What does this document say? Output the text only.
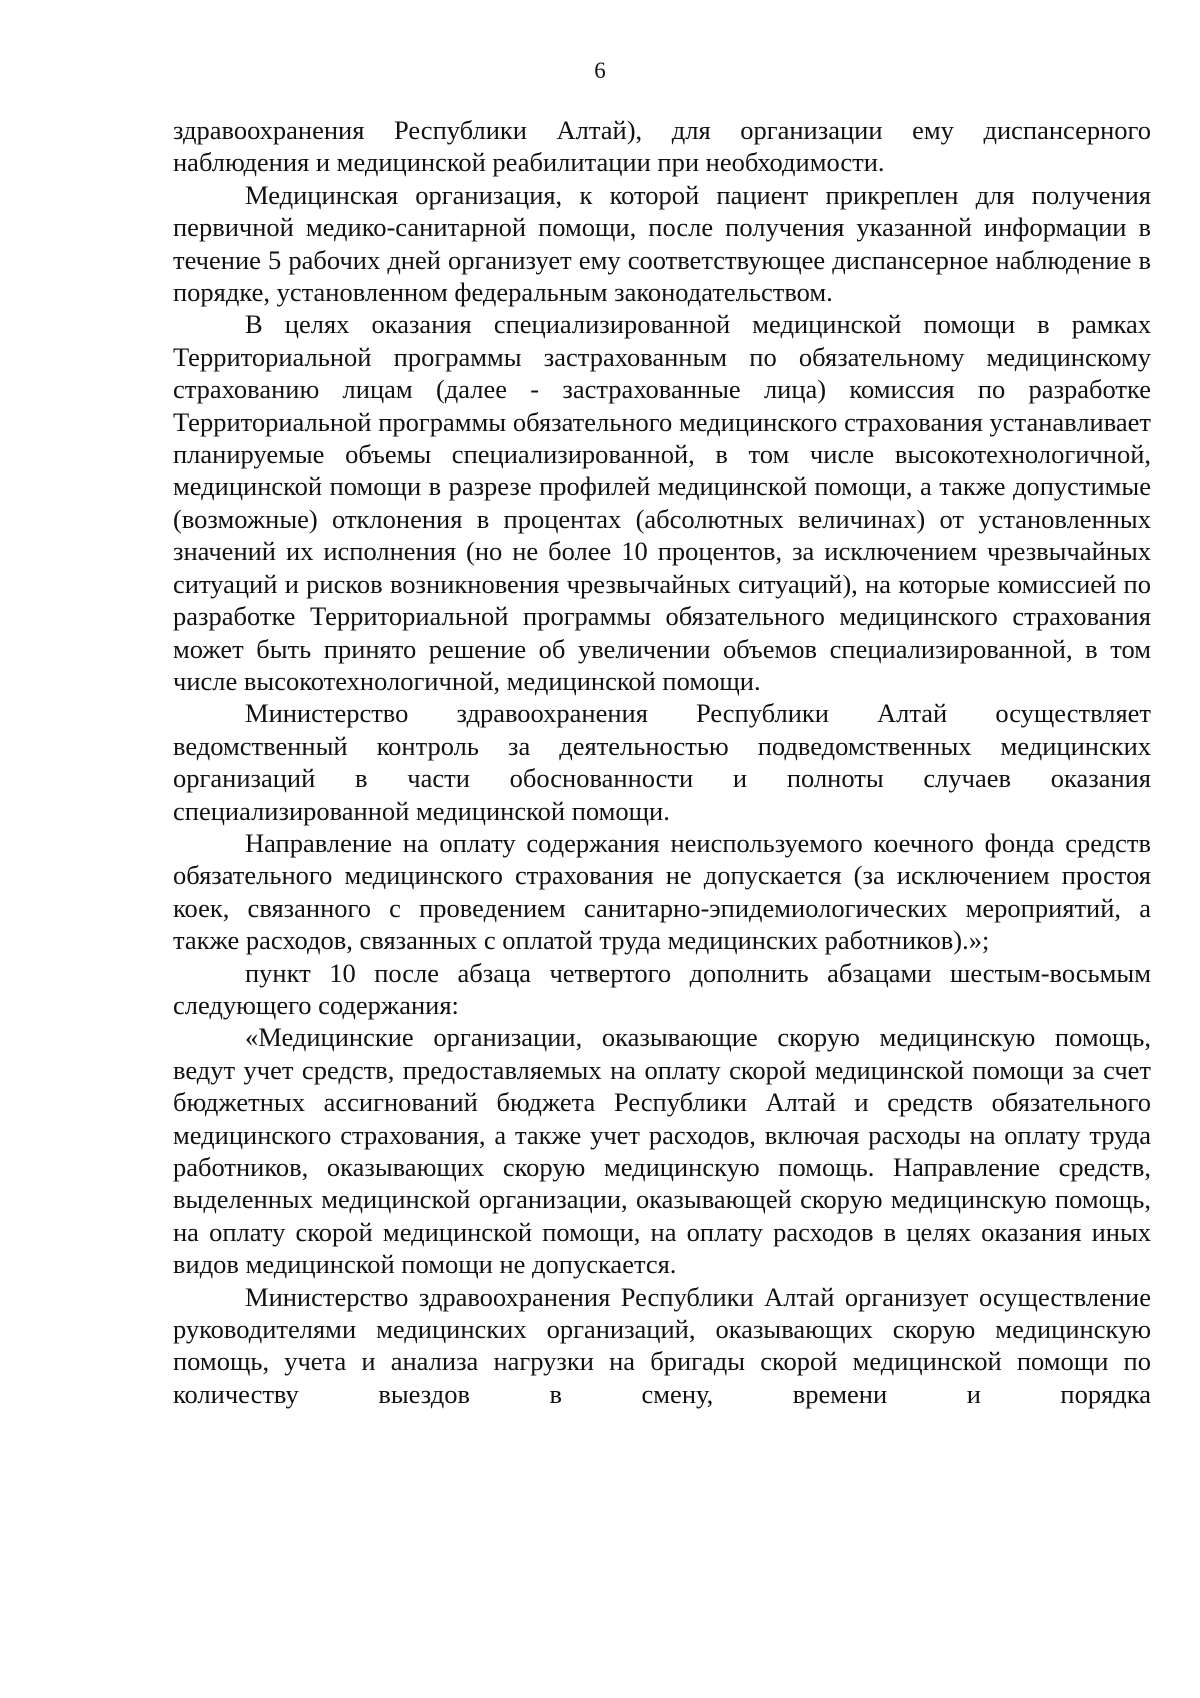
6

здравоохранения Республики Алтай), для организации ему диспансерного наблюдения и медицинской реабилитации при необходимости.

Медицинская организация, к которой пациент прикреплен для получения первичной медико-санитарной помощи, после получения указанной информации в течение 5 рабочих дней организует ему соответствующее диспансерное наблюдение в порядке, установленном федеральным законодательством.

В целях оказания специализированной медицинской помощи в рамках Территориальной программы застрахованным по обязательному медицинскому страхованию лицам (далее - застрахованные лица) комиссия по разработке Территориальной программы обязательного медицинского страхования устанавливает планируемые объемы специализированной, в том числе высокотехнологичной, медицинской помощи в разрезе профилей медицинской помощи, а также допустимые (возможные) отклонения в процентах (абсолютных величинах) от установленных значений их исполнения (но не более 10 процентов, за исключением чрезвычайных ситуаций и рисков возникновения чрезвычайных ситуаций), на которые комиссией по разработке Территориальной программы обязательного медицинского страхования может быть принято решение об увеличении объемов специализированной, в том числе высокотехнологичной, медицинской помощи.

Министерство здравоохранения Республики Алтай осуществляет ведомственный контроль за деятельностью подведомственных медицинских организаций в части обоснованности и полноты случаев оказания специализированной медицинской помощи.

Направление на оплату содержания неиспользуемого коечного фонда средств обязательного медицинского страхования не допускается (за исключением простоя коек, связанного с проведением санитарно-эпидемиологических мероприятий, а также расходов, связанных с оплатой труда медицинских работников).»;

пункт 10 после абзаца четвертого дополнить абзацами шестым-восьмым следующего содержания:

«Медицинские организации, оказывающие скорую медицинскую помощь, ведут учет средств, предоставляемых на оплату скорой медицинской помощи за счет бюджетных ассигнований бюджета Республики Алтай и средств обязательного медицинского страхования, а также учет расходов, включая расходы на оплату труда работников, оказывающих скорую медицинскую помощь. Направление средств, выделенных медицинской организации, оказывающей скорую медицинскую помощь, на оплату скорой медицинской помощи, на оплату расходов в целях оказания иных видов медицинской помощи не допускается.

Министерство здравоохранения Республики Алтай организует осуществление руководителями медицинских организаций, оказывающих скорую медицинскую помощь, учета и анализа нагрузки на бригады скорой медицинской помощи по количеству выездов в смену, времени и порядка
